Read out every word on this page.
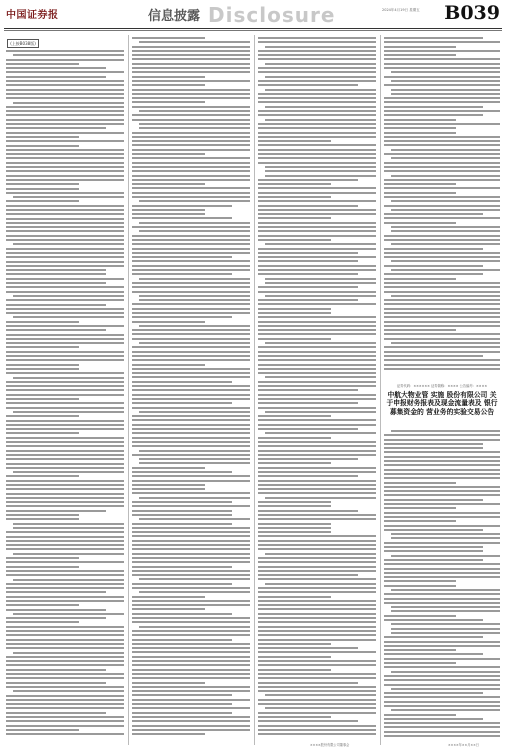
中国证券报	信息披露 Disclosure	2024年4月19日 星期五 B039
(上接B038版)
证券代码：×××××× 证券简称：×××× 公告编号：××××
中航大物业管 实施 股份有限公司 关于申报财务报表及现金流量表及 银行募集资金的 营业务的实验交易公告
××××股份有限公司董事会	××××年××月××日
